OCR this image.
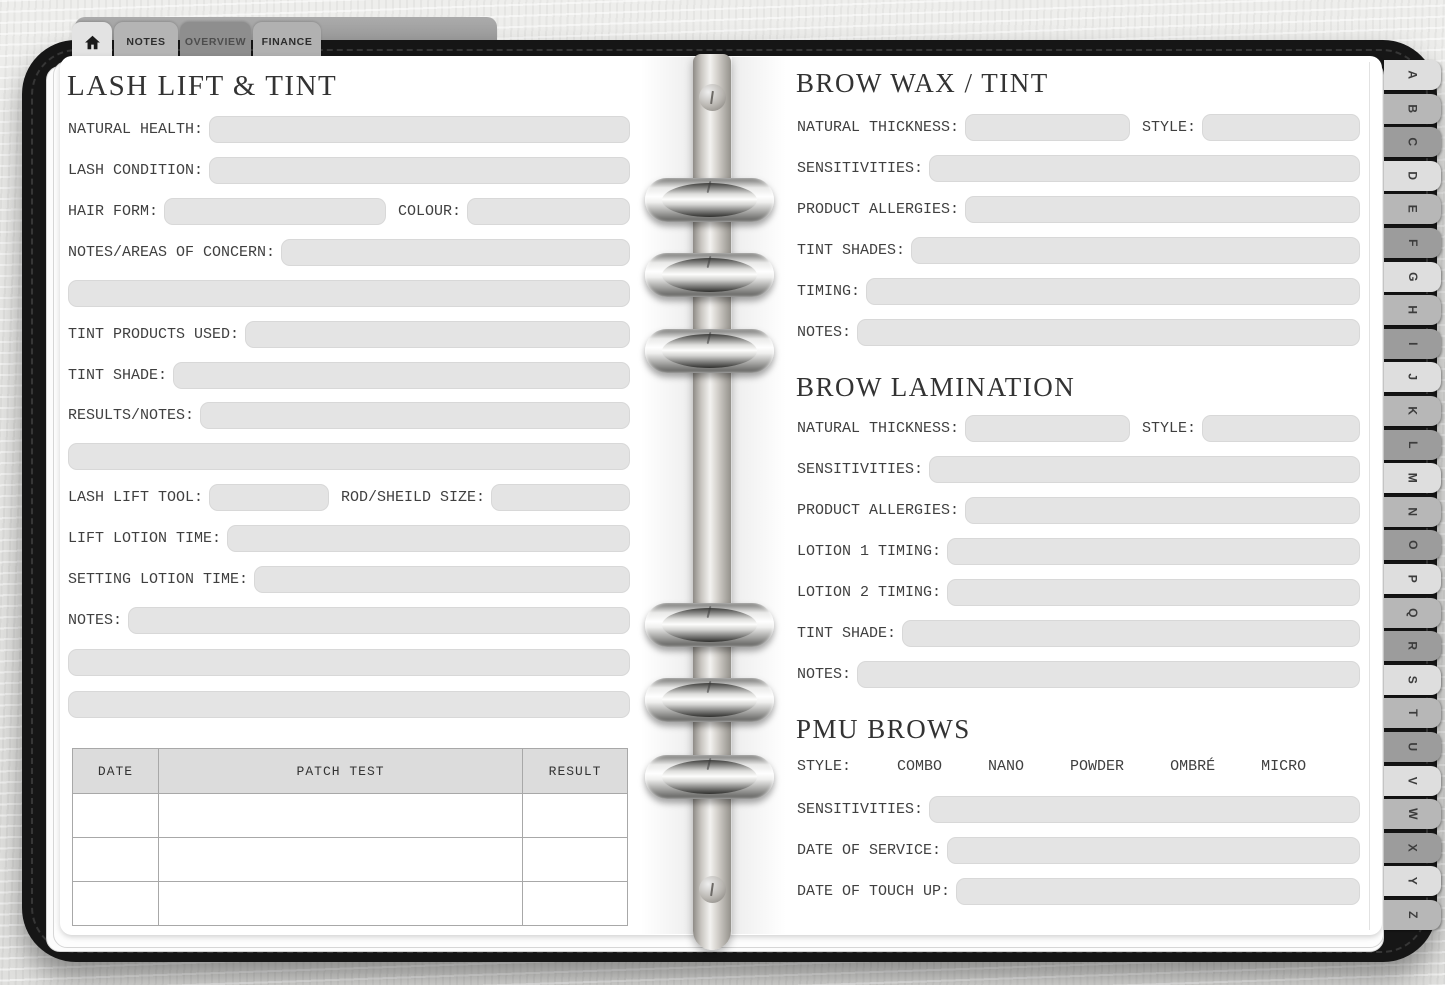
NOTES OVERVIEW FINANCE
LASH LIFT & TINT
NATURAL HEALTH:
LASH CONDITION:
HAIR FORM:	COLOUR:
NOTES/AREAS OF CONCERN:
TINT PRODUCTS USED:
TINT SHADE:
RESULTS/NOTES:
LASH LIFT TOOL:	ROD/SHEILD SIZE:
LIFT LOTION TIME:
SETTING LOTION TIME:
NOTES:
DATE	PATCH TEST	RESULT

BROW WAX / TINT
NATURAL THICKNESS:	STYLE:
SENSITIVITIES:
PRODUCT ALLERGIES:
TINT SHADES:
TIMING:
NOTES:
BROW LAMINATION
NATURAL THICKNESS:	STYLE:
SENSITIVITIES:
PRODUCT ALLERGIES:
LOTION 1 TIMING:
LOTION 2 TIMING:
TINT SHADE:
NOTES:
PMU BROWS
STYLE:	COMBO	NANO	POWDER	OMBRÉ	MICRO
SENSITIVITIES:
DATE OF SERVICE:
DATE OF TOUCH UP:
A
B
C
D
E
F
G
H
I
J
K
L
M
N
O
P
Q
R
S
T
U
V
W
X
Y
Z
